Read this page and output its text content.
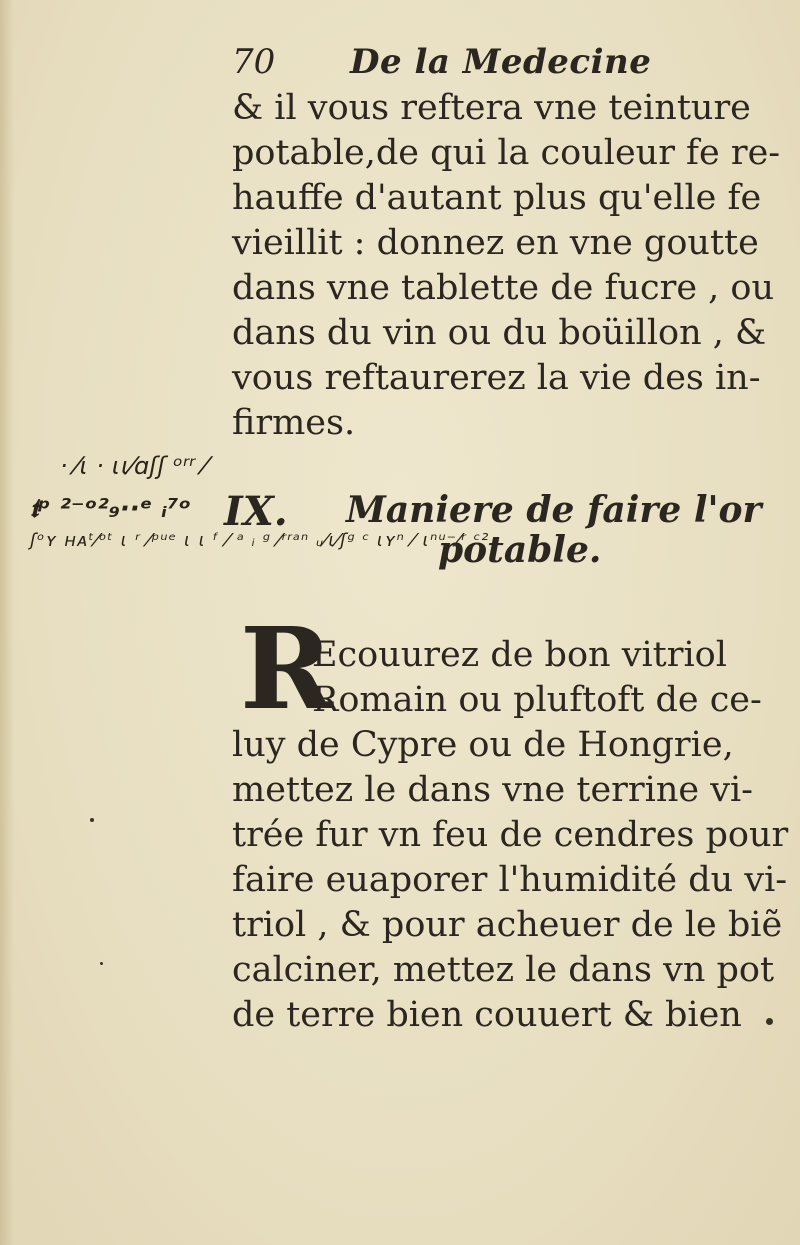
70 De la Medecine
& il vous reftera vne teinture
potable,de qui la couleur fe re-
hauffe d'autant plus qu'elle fe
vieillit : donnez en vne goutte
dans vne tablette de fucre , ou
dans du vin ou du boüillon , &
vous reftaurerez la vie des in-
firmes.
· ⁄ɩ · ɩɩ⁄ɑʃʃ ᵒʳʳ ⁄
𝖙ᵖ ²⁻ᵒ²₉··ᵉ ᵢ⁷ᵒ
ʃᵒʏ ʜᴀᵗ⁄ᵒᵗ ɩ ʳ ⁄ᵖᵘᵉ ɩ ɩ ᶠ ⁄ ᵃ ᵢ ᵍ ⁄ʳʳᵃⁿ ᵤ⁄ɩ⁄ʃᵍ ᶜ ɩʏⁿ ⁄ ɩⁿᵘ⁻⁄ʳ ᶜ²
IX. Maniere de faire l'or
potable.
R
Ecouurez de bon vitriol
Romain ou pluftoft de ce-
luy de Cypre ou de Hongrie,
mettez le dans vne terrine vi-
trée fur vn feu de cendres pour
faire euaporer l'humidité du vi-
triol , & pour acheuer de le biẽ
calciner, mettez le dans vn pot
de terre bien couuert & bien
